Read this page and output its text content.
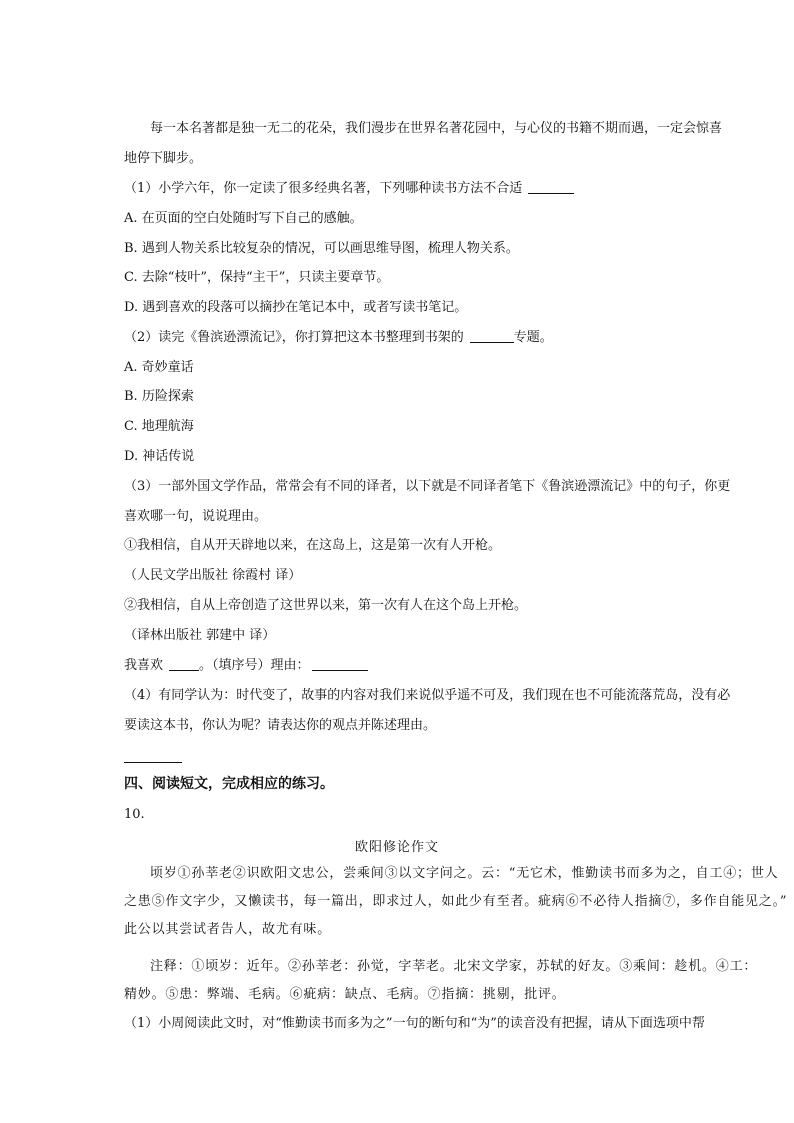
每一本名著都是独一无二的花朵，我们漫步在世界名著花园中，与心仪的书籍不期而遇，一定会惊喜
地停下脚步。
（1）小学六年，你一定读了很多经典名著，下列哪种读书方法不合适
A. 在页面的空白处随时写下自己的感触。
B. 遇到人物关系比较复杂的情况，可以画思维导图，梳理人物关系。
C. 去除“枝叶”，保持“主干”，只读主要章节。
D. 遇到喜欢的段落可以摘抄在笔记本中，或者写读书笔记。
（2）读完《鲁滨逊漂流记》，你打算把这本书整理到书架的	专题。
A. 奇妙童话
B. 历险探索
C. 地理航海
D. 神话传说
（3）一部外国文学作品，常常会有不同的译者，以下就是不同译者笔下《鲁滨逊漂流记》中的句子，你更
喜欢哪一句，说说理由。
①我相信，自从开天辟地以来，在这岛上，这是第一次有人开枪。
（人民文学出版社 徐霞村 译）
②我相信，自从上帝创造了这世界以来，第一次有人在这个岛上开枪。
（译林出版社 郭建中 译）
我喜欢	。（填序号）理由：
（4）有同学认为：时代变了，故事的内容对我们来说似乎遥不可及，我们现在也不可能流落荒岛，没有必
要读这本书，你认为呢？请表达你的观点并陈述理由。
四、阅读短文，完成相应的练习。
10.
欧阳修论作文
顷岁①孙莘老②识欧阳文忠公，尝乘间③以文字问之。云：“无它术，惟勤读书而多为之，自工④；世人
之患⑤作文字少，又懒读书，每一篇出，即求过人，如此少有至者。疵病⑥不必待人指摘⑦，多作自能见之。”
此公以其尝试者告人，故尤有味。
注释：①顷岁：近年。②孙莘老：孙觉，字莘老。北宋文学家，苏轼的好友。③乘间：趁机。④工：
精妙。⑤患：弊端、毛病。⑥疵病：缺点、毛病。⑦指摘：挑剔，批评。
（1）小周阅读此文时，对“惟勤读书而多为之”一句的断句和“为”的读音没有把握，请从下面选项中帮
